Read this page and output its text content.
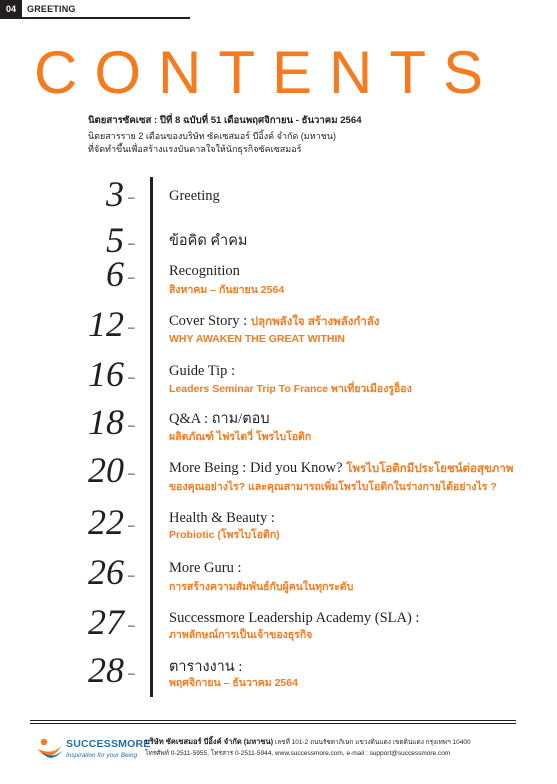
04	GREETING
CONTENTS
นิตยสารซัคเซส : ปีที่ 8 ฉบับที่ 51 เดือนพฤศจิกายน - ธันวาคม 2564
นิตยสารราย 2 เดือนของบริษัท ซัคเซสมอร์ บีอิ้งค์ จำกัด (มหาชน)
ที่จัดทำขึ้นเพื่อสร้างแรงบันดาลใจให้นักธุรกิจซัคเซสมอร์
3 – Greeting
5 – ข้อคิด คำคม
6 – Recognition
สิงหาคม – กันยายน 2564
12 – Cover Story : ปลุกพลังใจ สร้างพลังกำลัง
WHY AWAKEN THE GREAT WITHIN
16 – Guide Tip :
Leaders Seminar Trip To France พาเที่ยวเมืองรูอ็อง
18 – Q&A : ถาม/ตอบ
ผลิตภัณฑ์ ไฟรไดวี่ โพรไบโอติก
20 – More Being : Did you Know? โพรไบโอติกมีประโยชน์ต่อสุขภาพ
ของคุณอย่างไร? และคุณสามารถเพิ่มโพรไบโอติกในร่างกายได้อย่างไร ?
22 – Health & Beauty :
Probiotic (โพรไบโอติก)
26 – More Guru :
การสร้างความสัมพันธ์กับผู้คนในทุกระดับ
27 – Successmore Leadership Academy (SLA) :
ภาพลักษณ์การเป็นเจ้าของธุรกิจ
28 – ตารางงาน :
พฤศจิกายน – ธันวาคม 2564
SUCCESSMORE
Inspiration for your Being
บริษัท ซัคเซสมอร์ บีอิ้งค์ จำกัด (มหาชน) เลขที่ 101-2 ถนนรัชดาภิเษก แขวงดินแดง เขตดินแดง กรุงเทพฯ 10400
โทรศัพท์ 0-2511-5955, โทรสาร 0-2511-5944, www.successmore.com, e-mail : support@successmore.com
